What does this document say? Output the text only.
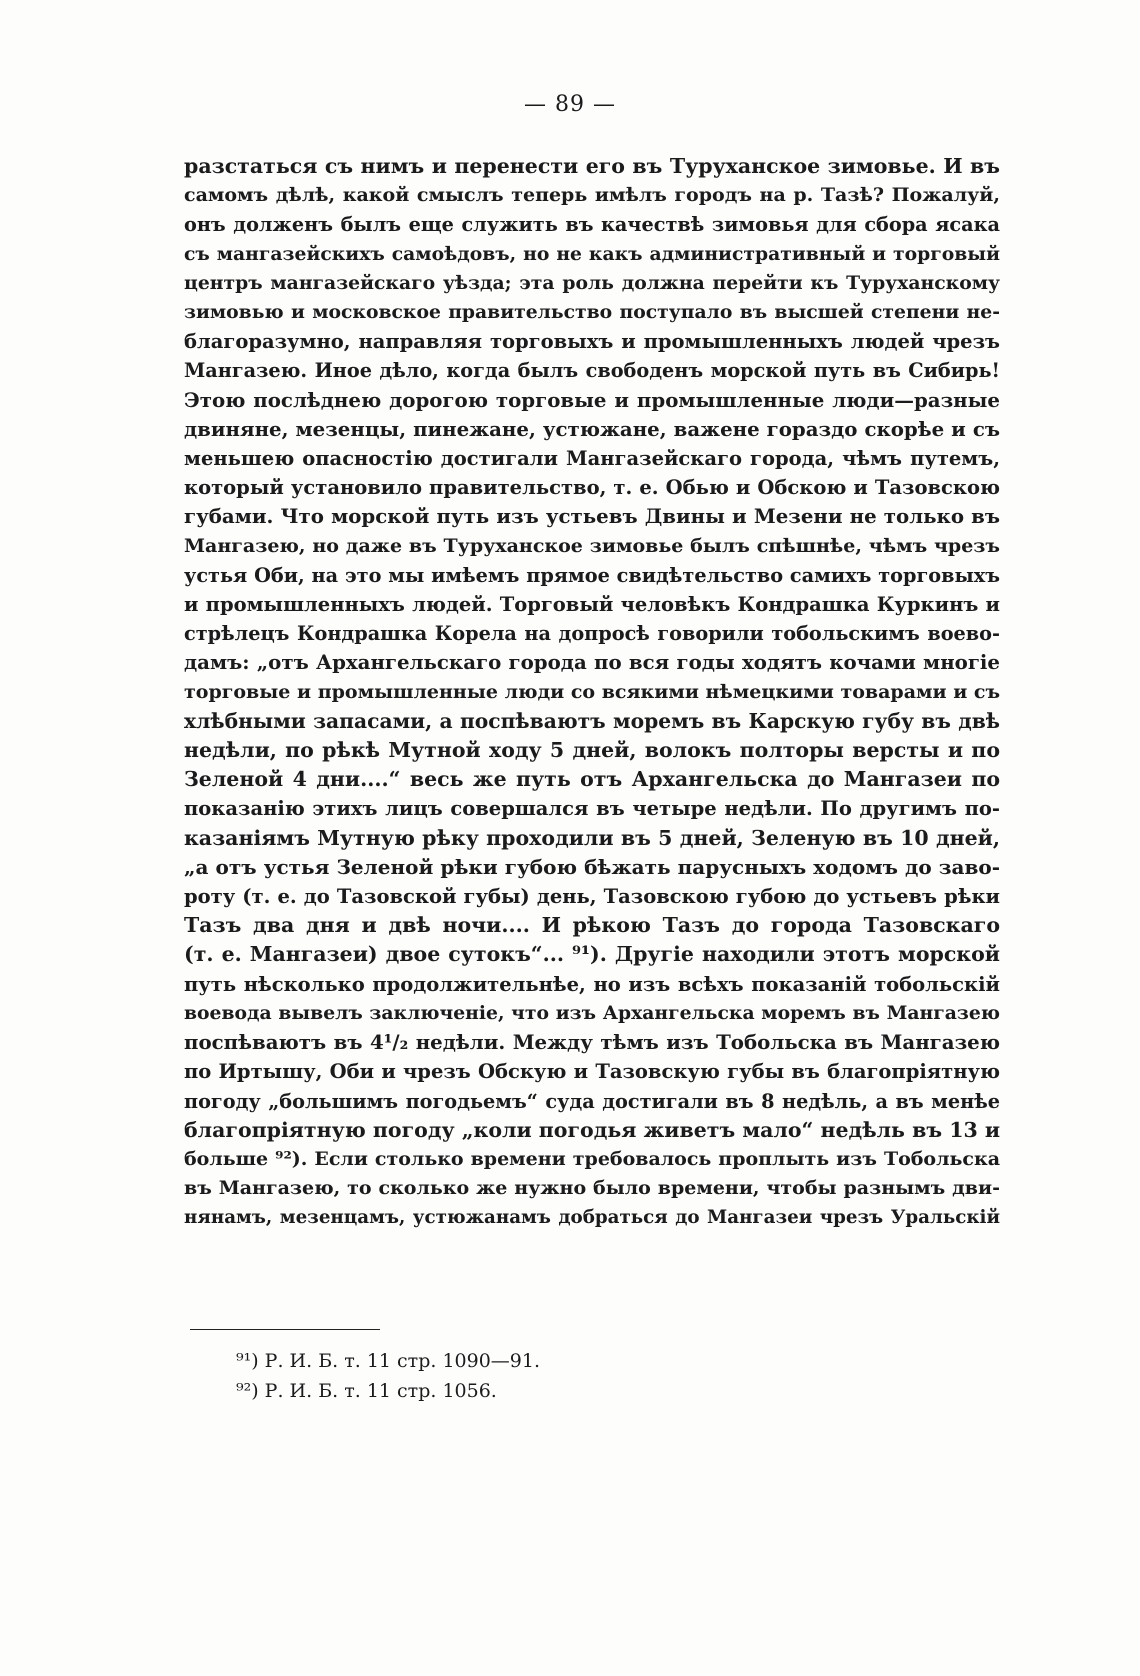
— 89 —
разстаться съ нимъ и перенести его въ Туруханское зимовье. И въ
самомъ дѣлѣ, какой смыслъ теперь имѣлъ городъ на р. Тазѣ? Пожалуй,
онъ долженъ былъ еще служить въ качествѣ зимовья для сбора ясака
съ мангазейскихъ самоѣдовъ, но не какъ административный и торговый
центръ мангазейскаго уѣзда; эта роль должна перейти къ Туруханскому
зимовью и московское правительство поступало въ высшей степени не-
благоразумно, направляя торговыхъ и промышленныхъ людей чрезъ
Мангазею. Иное дѣло, когда былъ свободенъ морской путь въ Сибирь!
Этою послѣднею дорогою торговые и промышленные люди—разные
двиняне, мезенцы, пинежане, устюжане, важене гораздо скорѣе и съ
меньшею опасностію достигали Мангазейскаго города, чѣмъ путемъ,
который установило правительство, т. е. Обью и Обскою и Тазовскою
губами. Что морской путь изъ устьевъ Двины и Мезени не только въ
Мангазею, но даже въ Туруханское зимовье былъ спѣшнѣе, чѣмъ чрезъ
устья Оби, на это мы имѣемъ прямое свидѣтельство самихъ торговыхъ
и промышленныхъ людей. Торговый человѣкъ Кондрашка Куркинъ и
стрѣлецъ Кондрашка Корела на допросѣ говорили тобольскимъ воево-
дамъ: „отъ Архангельскаго города по вся годы ходятъ кочами многіе
торговые и промышленные люди со всякими нѣмецкими товарами и съ
хлѣбными запасами, а поспѣваютъ моремъ въ Карскую губу въ двѣ
недѣли, по рѣкѣ Мутной ходу 5 дней, волокъ полторы версты и по
Зеленой 4 дни....“ весь же путь отъ Архангельска до Мангазеи по
показанію этихъ лицъ совершался въ четыре недѣли. По другимъ по-
казаніямъ Мутную рѣку проходили въ 5 дней, Зеленую въ 10 дней,
„а отъ устья Зеленой рѣки губою бѣжать парусныхъ ходомъ до заво-
роту (т. е. до Тазовской губы) день, Тазовскою губою до устьевъ рѣки
Тазъ два дня и двѣ ночи.... И рѣкою Тазъ до города Тазовскаго
(т. е. Мангазеи) двое сутокъ“... ⁹¹). Другіе находили этотъ морской
путь нѣсколько продолжительнѣе, но изъ всѣхъ показаній тобольскій
воевода вывелъ заключеніе, что изъ Архангельска моремъ въ Мангазею
поспѣваютъ въ 4¹/₂ недѣли. Между тѣмъ изъ Тобольска въ Мангазею
по Иртышу, Оби и чрезъ Обскую и Тазовскую губы въ благопріятную
погоду „большимъ погодьемъ“ суда достигали въ 8 недѣль, а въ менѣе
благопріятную погоду „коли погодья живетъ мало“ недѣль въ 13 и
больше ⁹²). Если столько времени требовалось проплыть изъ Тобольска
въ Мангазею, то сколько же нужно было времени, чтобы разнымъ дви-
нянамъ, мезенцамъ, устюжанамъ добраться до Мангазеи чрезъ Уральскій
⁹¹) Р. И. Б. т. 11 стр. 1090—91.
⁹²) Р. И. Б. т. 11 стр. 1056.
